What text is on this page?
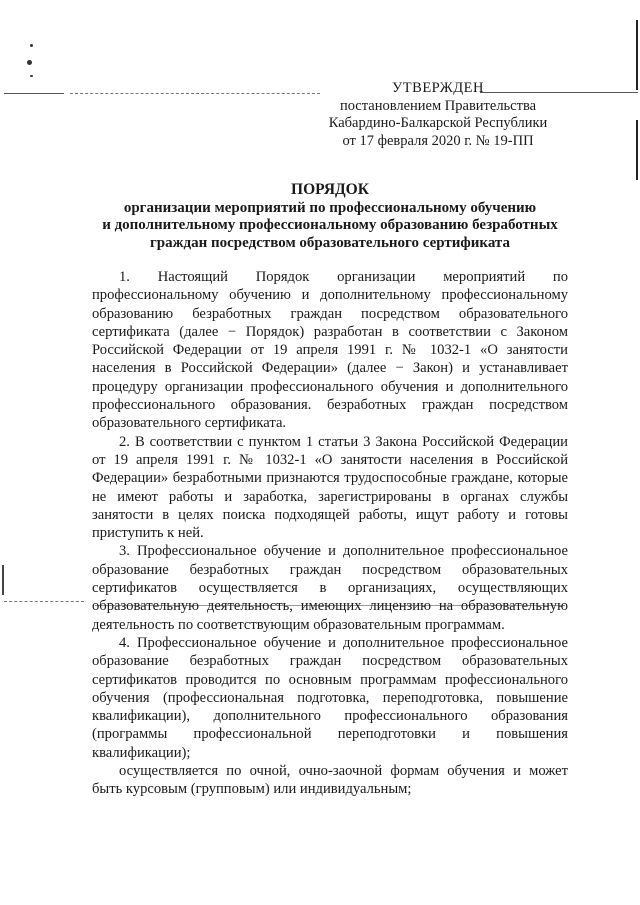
УТВЕРЖДЕН
постановлением Правительства
Кабардино-Балкарской Республики
от 17 февраля 2020 г. № 19-ПП
ПОРЯДОК
организации мероприятий по профессиональному обучению
и дополнительному профессиональному образованию безработных
граждан посредством образовательного сертификата

1. Настоящий Порядок организации мероприятий по профессиональному обучению и дополнительному профессиональному образованию безработных граждан посредством образовательного сертификата (далее − Порядок) разработан в соответствии с Законом Российской Федерации от 19 апреля 1991 г. № 1032-1 «О занятости населения в Российской Федерации» (далее − Закон) и устанавливает процедуру организации профессионального обучения и дополнительного профессионального образования. безработных граждан посредством образовательного сертификата.

2. В соответствии с пунктом 1 статьи 3 Закона Российской Федерации от 19 апреля 1991 г. № 1032-1 «О занятости населения в Российской Федерации» безработными признаются трудоспособные граждане, которые не имеют работы и заработка, зарегистрированы в органах службы занятости в целях поиска подходящей работы, ищут работу и готовы приступить к ней.

3. Профессиональное обучение и дополнительное профессиональное образование безработных граждан посредством образовательных сертификатов осуществляется в организациях, осуществляющих образовательную деятельность, имеющих лицензию на образовательную деятельность по соответствующим образовательным программам.

4. Профессиональное обучение и дополнительное профессиональное образование безработных граждан посредством образовательных сертификатов проводится по основным программам профессионального обучения (профессиональная подготовка, переподготовка, повышение квалификации), дополнительного профессионального образования (программы профессиональной переподготовки и повышения квалификации);

осуществляется по очной, очно-заочной формам обучения и может быть курсовым (групповым) или индивидуальным;
